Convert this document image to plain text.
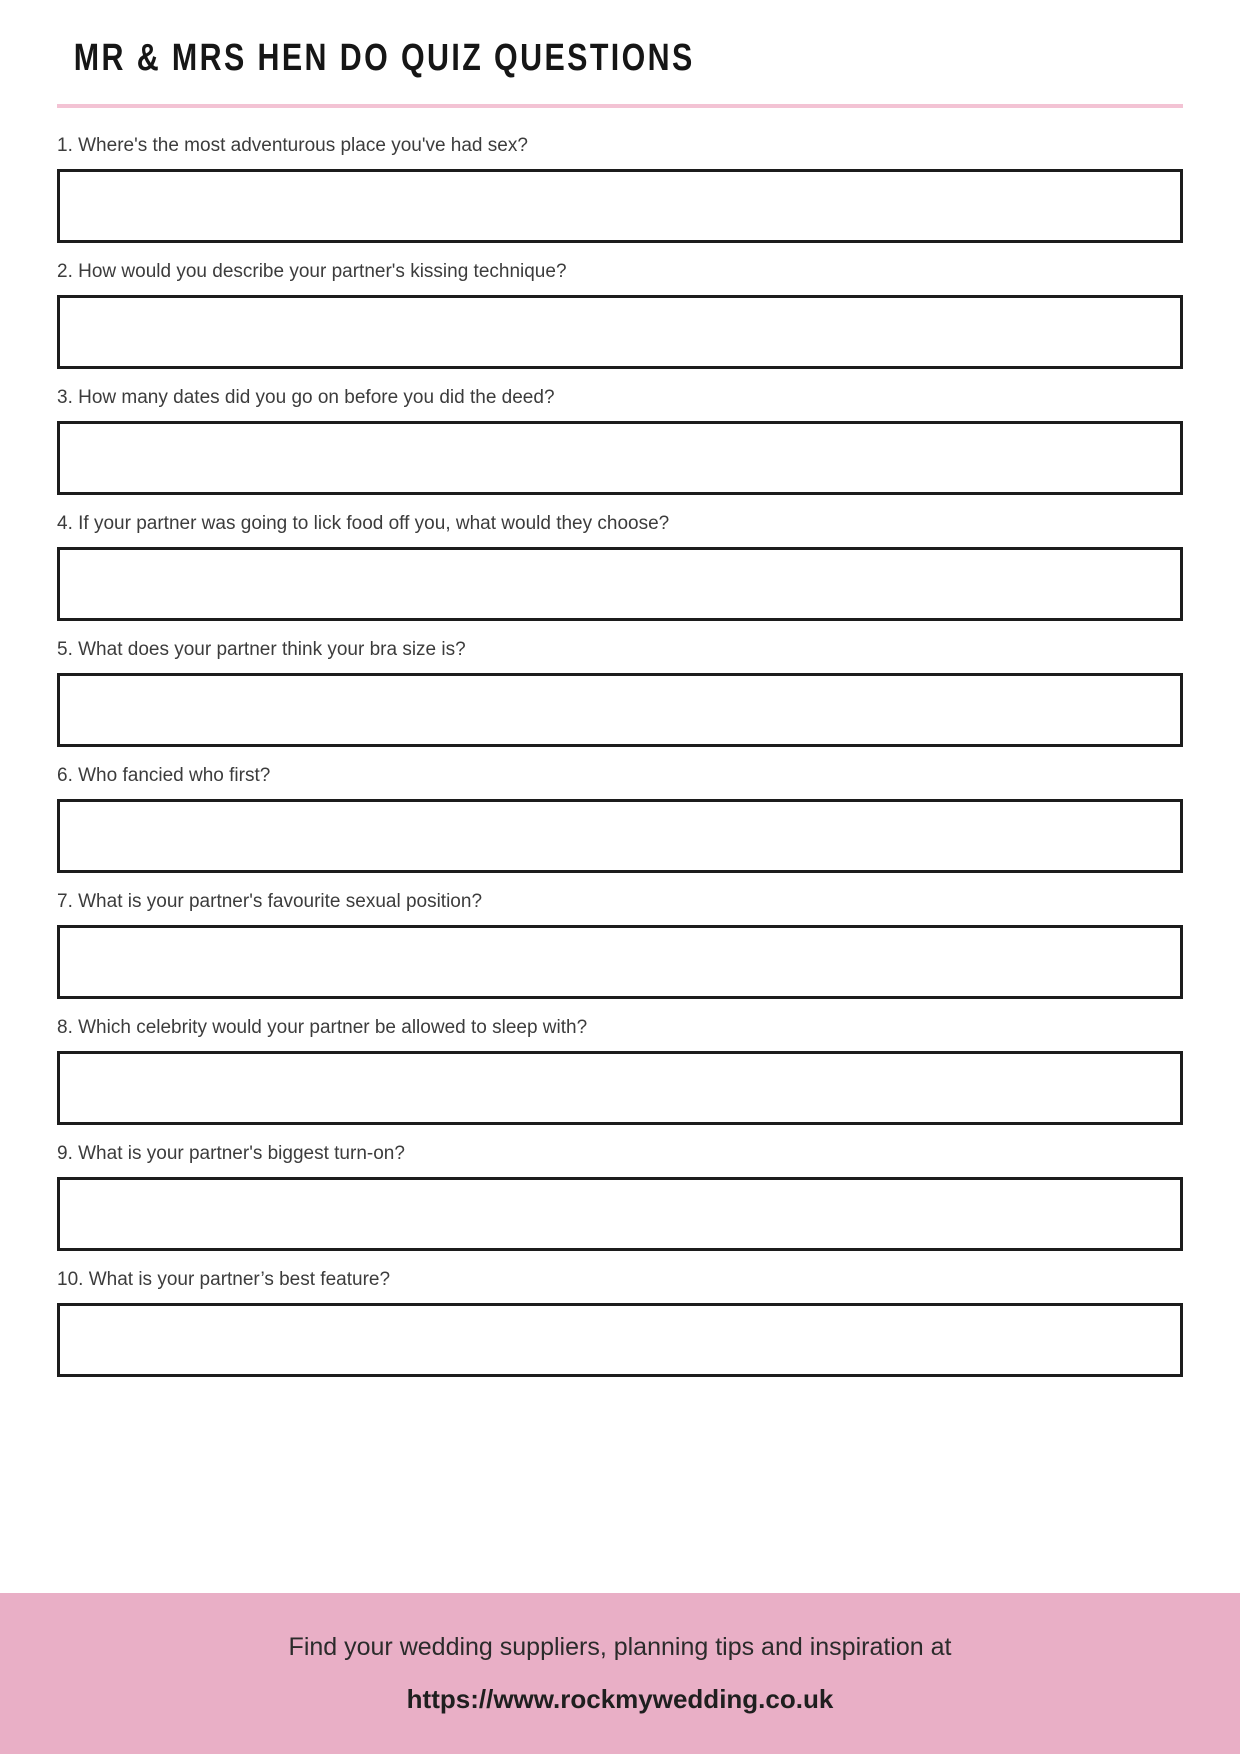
MR & MRS HEN DO QUIZ QUESTIONS
1. Where's the most adventurous place you've had sex?
2. How would you describe your partner's kissing technique?
3. How many dates did you go on before you did the deed?
4. If your partner was going to lick food off you, what would they choose?
5. What does your partner think your bra size is?
6. Who fancied who first?
7. What is your partner's favourite sexual position?
8. Which celebrity would your partner be allowed to sleep with?
9. What is your partner's biggest turn-on?
10. What is your partner’s best feature?
Find your wedding suppliers, planning tips and inspiration at
https://www.rockmywedding.co.uk
